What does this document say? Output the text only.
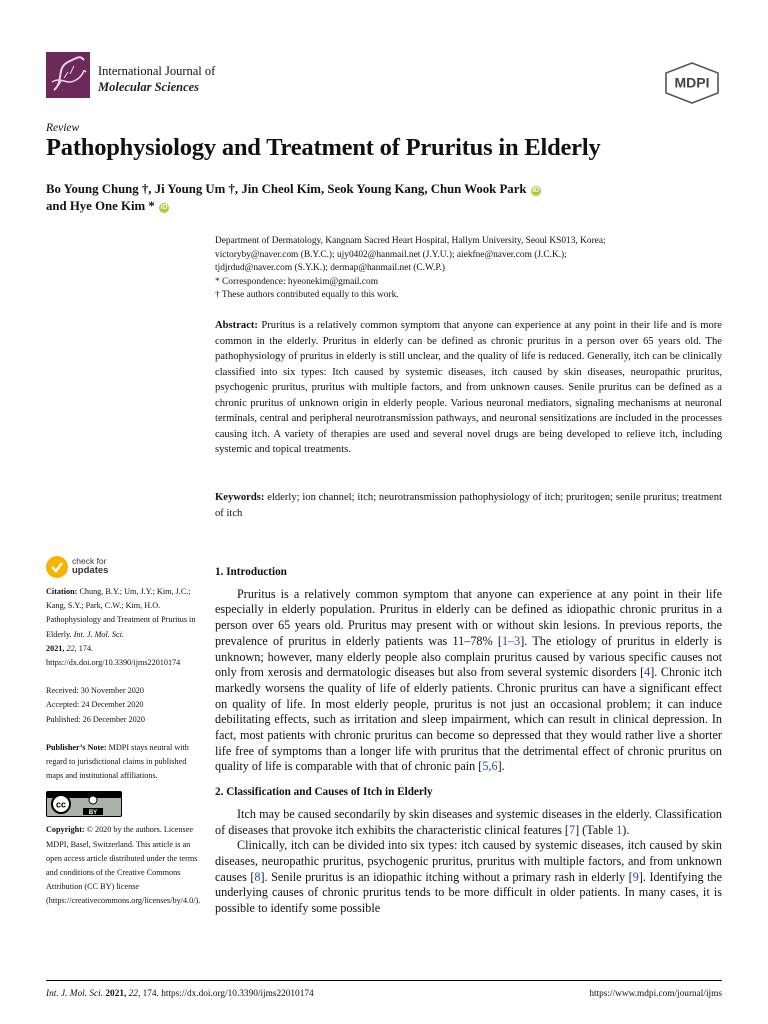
International Journal of
Molecular Sciences	MDPI
Review
Pathophysiology and Treatment of Pruritus in Elderly
Bo Young Chung †, Ji Young Um †, Jin Cheol Kim, Seok Young Kang, Chun Wook Park iD
and Hye One Kim * iD
Department of Dermatology, Kangnam Sacred Heart Hospital, Hallym University, Seoul KS013, Korea;
victoryby@naver.com (B.Y.C.); ujy0402@hanmail.net (J.Y.U.); aiekfne@naver.com (J.C.K.);
tjdjrdud@naver.com (S.Y.K.); dermap@hanmail.net (C.W.P.)
* Correspondence: hyeonekim@gmail.com
† These authors contributed equally to this work.
Abstract: Pruritus is a relatively common symptom that anyone can experience at any point in their life and is more common in the elderly. Pruritus in elderly can be defined as chronic pruritus in a person over 65 years old. The pathophysiology of pruritus in elderly is still unclear, and the quality of life is reduced. Generally, itch can be clinically classified into six types: Itch caused by systemic diseases, itch caused by skin diseases, neuropathic pruritus, psychogenic pruritus, pruritus with multiple factors, and from unknown causes. Senile pruritus can be defined as a chronic pruritus of unknown origin in elderly people. Various neuronal mediators, signaling mechanisms at neuronal terminals, central and peripheral neurotransmission pathways, and neuronal sensitizations are included in the processes causing itch. A variety of therapies are used and several novel drugs are being developed to relieve itch, including systemic and topical treatments.
Keywords: elderly; ion channel; itch; neurotransmission pathophysiology of itch; pruritogen; senile pruritus; treatment of itch
check for
updates

Citation: Chung, B.Y.; Um, J.Y.; Kim, J.C.; Kang, S.Y.; Park, C.W.; Kim, H.O. Pathophysiology and Treatment of Pruritus in Elderly. Int. J. Mol. Sci.
2021, 22, 174. https://dx.doi.org/10.3390/ijms22010174

Received: 30 November 2020

Accepted: 24 December 2020

Published: 26 December 2020

Publisher’s Note: MDPI stays neutral with regard to jurisdictional claims in published maps and institutional affiliations.

cc
BY

Copyright: © 2020 by the authors. Licensee MDPI, Basel, Switzerland. This article is an open access article distributed under the terms and conditions of the Creative Commons Attribution (CC BY) license (https://creativecommons.org/licenses/by/4.0/).

1. Introduction

Pruritus is a relatively common symptom that anyone can experience at any point in their life especially in elderly population. Pruritus in elderly can be defined as idiopathic chronic pruritus in a person over 65 years old. Pruritus may present with or without skin lesions. In previous reports, the prevalence of pruritus in elderly patients was 11–78% [1–3]. The etiology of pruritus in elderly is unknown; however, many elderly people also complain pruritus caused by various specific causes not only from xerosis and dermatologic diseases but also from several systemic disorders [4]. Chronic itch markedly worsens the quality of life of elderly patients. Chronic pruritus can have a significant effect on quality of life. In most elderly people, pruritus is not just an occasional problem; it can induce debilitating effects, such as irritation and sleep impairment, which can result in clinical depression. In fact, most patients with chronic pruritus can become so depressed that they would rather live a shorter life free of symptoms than a longer life with pruritus that the detrimental effect of chronic pruritus on quality of life is comparable with that of chronic pain [5,6].

2. Classification and Causes of Itch in Elderly

Itch may be caused secondarily by skin diseases and systemic diseases in the elderly. Classification of diseases that provoke itch exhibits the characteristic clinical features [7] (Table 1).

Clinically, itch can be divided into six types: itch caused by systemic diseases, itch caused by skin diseases, neuropathic pruritus, psychogenic pruritus, pruritus with multiple factors, and from unknown causes [8]. Senile pruritus is an idiopathic itching without a primary rash in elderly [9]. Identifying the underlying causes of chronic pruritus tends to be more difficult in older patients. In many cases, it is possible to identify some possible

Int. J. Mol. Sci. 2021, 22, 174. https://dx.doi.org/10.3390/ijms22010174	https://www.mdpi.com/journal/ijms
